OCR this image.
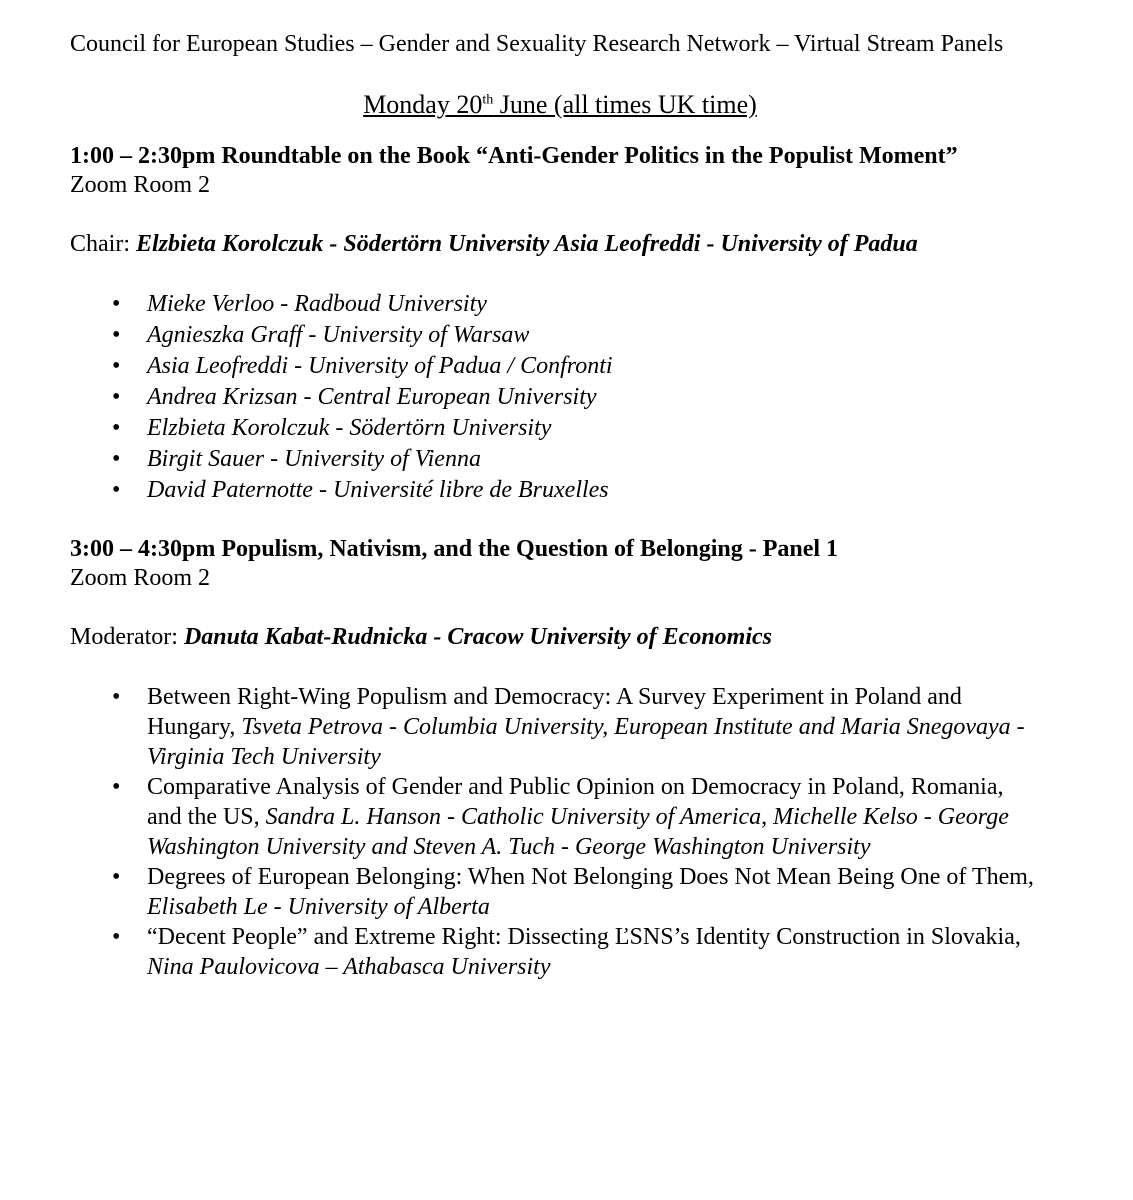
Council for European Studies – Gender and Sexuality Research Network – Virtual Stream Panels

Monday 20th June (all times UK time)

1:00 – 2:30pm Roundtable on the Book “Anti-Gender Politics in the Populist Moment”

Zoom Room 2

Chair: Elzbieta Korolczuk - Södertörn University Asia Leofreddi - University of Padua

• Mieke Verloo - Radboud University
• Agnieszka Graff - University of Warsaw
• Asia Leofreddi - University of Padua / Confronti
• Andrea Krizsan - Central European University
• Elzbieta Korolczuk - Södertörn University
• Birgit Sauer - University of Vienna
• David Paternotte - Université libre de Bruxelles

3:00 – 4:30pm Populism, Nativism, and the Question of Belonging - Panel 1

Zoom Room 2

Moderator: Danuta Kabat-Rudnicka - Cracow University of Economics

• Between Right-Wing Populism and Democracy: A Survey Experiment in Poland and Hungary, Tsveta Petrova - Columbia University, European Institute and Maria Snegovaya - Virginia Tech University
• Comparative Analysis of Gender and Public Opinion on Democracy in Poland, Romania, and the US, Sandra L. Hanson - Catholic University of America, Michelle Kelso - George Washington University and Steven A. Tuch - George Washington University
• Degrees of European Belonging: When Not Belonging Does Not Mean Being One of Them, Elisabeth Le - University of Alberta
• “Decent People” and Extreme Right: Dissecting ĽSNS’s Identity Construction in Slovakia, Nina Paulovicova – Athabasca University
